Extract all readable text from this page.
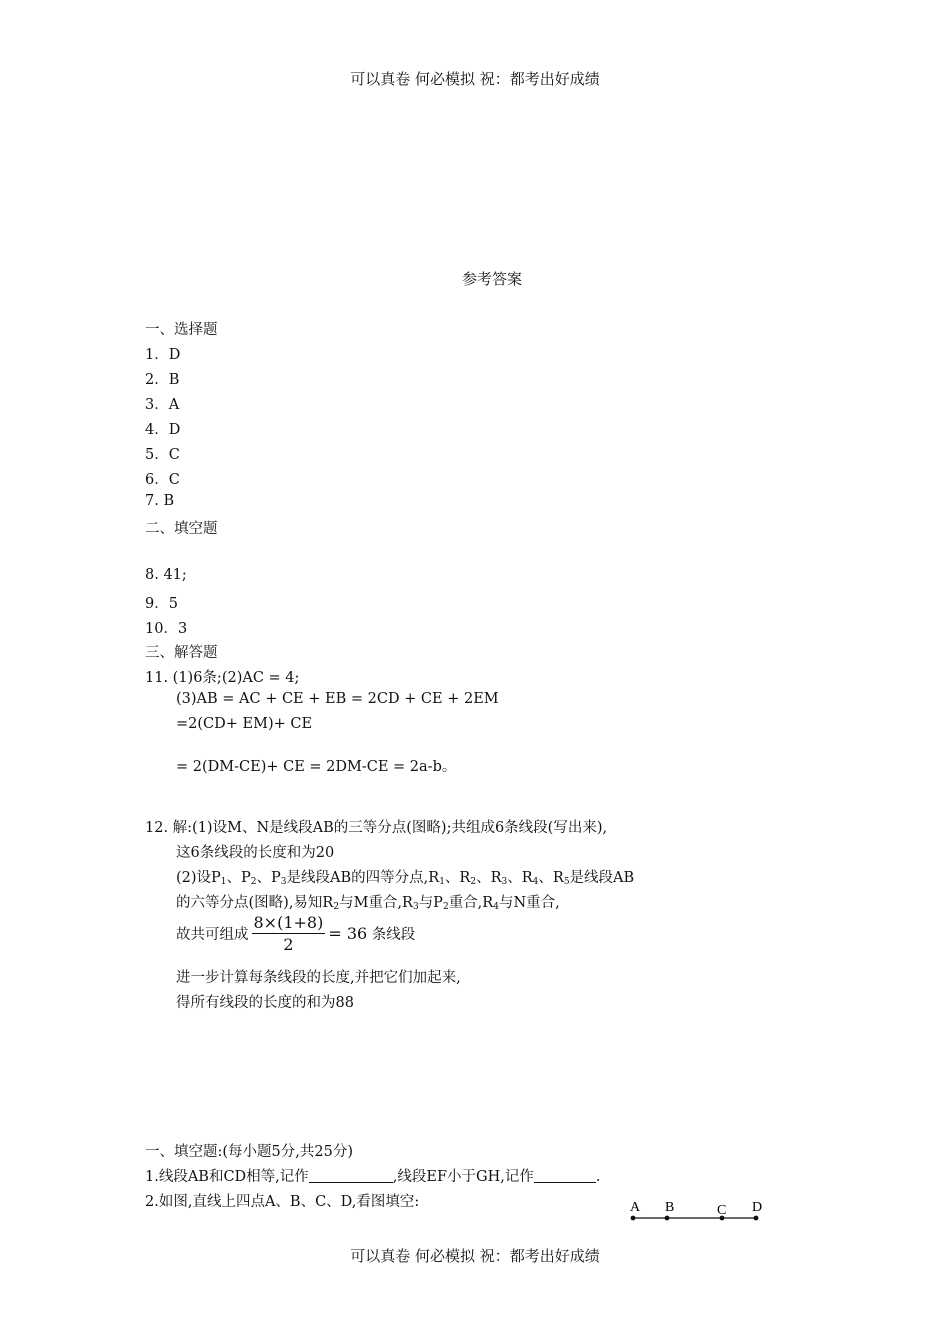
可以真卷 何必模拟 祝：都考出好成绩
参考答案
一、选择题
1．D
2．B
3．A
4．D
5．C
6．C
7. B
二、填空题
8. 41;
9．5
10．3
三、解答题
11. (1)6条;(2)AC = 4;
(3)AB = AC + CE + EB = 2CD + CE + 2EM
=2(CD+ EM)+ CE
= 2(DM-CE)+ CE = 2DM-CE = 2a-b。
12. 解:(1)设M、N是线段AB的三等分点(图略);共组成6条线段(写出来),
这6条线段的长度和为20
(2)设$P_1$、$P_2$、$P_3$是线段AB的四等分点$,R_1$、$R_2$、$R_3$、$R_4$、$R_5$是线段AB
的六等分点(图略),易知$R_2$与M重合$,R_3$与$P_2$重合$,R_4$与N重合,
故共可组成 $\frac{8\times(1+8)}{2} = 36$ 条线段
进一步计算每条线段的长度,并把它们加起来,
得所有线段的长度的和为88
一、填空题:(每小题5分,共25分)
1.线段AB和CD相等,记作	,线段EF小于GH,记作	.
2.如图,直线上四点A、B、C、D,看图填空:	A B	C D
可以真卷 何必模拟 祝：都考出好成绩
